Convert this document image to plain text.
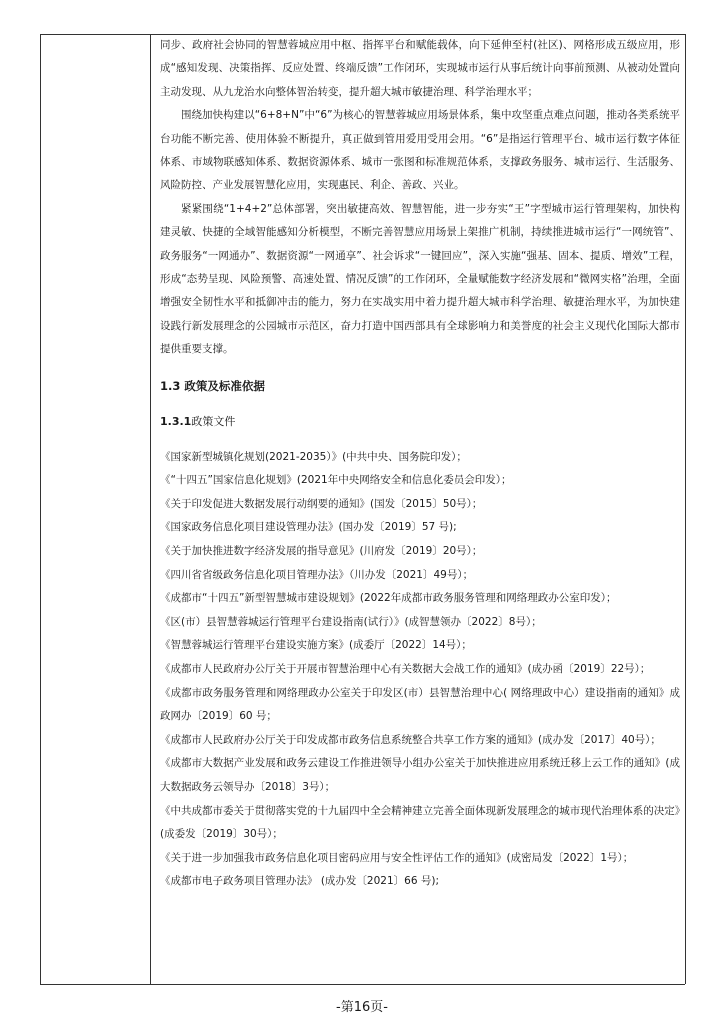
同步、政府社会协同的智慧蓉城应用中枢、指挥平台和赋能载体，向下延伸至村(社区)、网格形成五级应用，形成“感知发现、决策指挥、反应处置、终端反馈”工作闭环，实现城市运行从事后统计向事前预测、从被动处置向主动发现、从九龙治水向整体智治转变，提升超大城市敏捷治理、科学治理水平；

围绕加快构建以“6+8+N”中“6”为核心的智慧蓉城应用场景体系，集中攻坚重点难点问题，推动各类系统平台功能不断完善、使用体验不断提升，真正做到管用爱用受用会用。“6”是指运行管理平台、城市运行数字体征体系、市域物联感知体系、数据资源体系、城市一张图和标准规范体系，支撑政务服务、城市运行、生活服务、风险防控、产业发展智慧化应用，实现惠民、利企、善政、兴业。

紧紧围绕“1+4+2”总体部署，突出敏捷高效、智慧智能，进一步夯实“王”字型城市运行管理架构，加快构建灵敏、快捷的全域智能感知分析模型，不断完善智慧应用场景上架推广机制，持续推进城市运行“一网统管”、政务服务“一网通办”、数据资源“一网通享”、社会诉求“一键回应”，深入实施“强基、固本、提质、增效”工程，形成“态势呈现、风险预警、高速处置、情况反馈”的工作闭环，全量赋能数字经济发展和“微网实格”治理，全面增强安全韧性水平和抵御冲击的能力，努力在实战实用中着力提升超大城市科学治理、敏捷治理水平，为加快建设践行新发展理念的公园城市示范区，奋力打造中国西部具有全球影响力和美誉度的社会主义现代化国际大都市提供重要支撑。

1.3 政策及标准依据
1.3.1政策文件

《国家新型城镇化规划(2021-2035）》(中共中央、国务院印发）；

《“十四五”国家信息化规划》(2021年中央网络安全和信息化委员会印发）；

《关于印发促进大数据发展行动纲要的通知》(国发〔2015〕50号）；

《国家政务信息化项目建设管理办法》(国办发〔2019〕57 号);

《关于加快推进数字经济发展的指导意见》(川府发〔2019〕20号）；

《四川省省级政务信息化项目管理办法》（川办发〔2021〕49号）；

《成都市“十四五”新型智慧城市建设规划》(2022年成都市政务服务管理和网络理政办公室印发）；

《区(市）县智慧蓉城运行管理平台建设指南(试行）》(成智慧领办〔2022〕8号）；

《智慧蓉城运行管理平台建设实施方案》(成委厅〔2022〕14号）；

《成都市人民政府办公厅关于开展市智慧治理中心有关数据大会战工作的通知》(成办函〔2019〕22号）；

《成都市政务服务管理和网络理政办公室关于印发区(市）县智慧治理中心( 网络理政中心）建设指南的通知》成政网办〔2019〕60 号；

《成都市人民政府办公厅关于印发成都市政务信息系统整合共享工作方案的通知》(成办发〔2017〕40号）；

《成都市大数据产业发展和政务云建设工作推进领导小组办公室关于加快推进应用系统迁移上云工作的通知》(成大数据政务云领导办〔2018〕3号）；

《中共成都市委关于贯彻落实党的十九届四中全会精神建立完善全面体现新发展理念的城市现代治理体系的决定》(成委发〔2019〕30号）；

《关于进一步加强我市政务信息化项目密码应用与安全性评估工作的通知》(成密局发〔2022〕1号）；

《成都市电子政务项目管理办法》 (成办发〔2021〕66 号);

-第16页-
